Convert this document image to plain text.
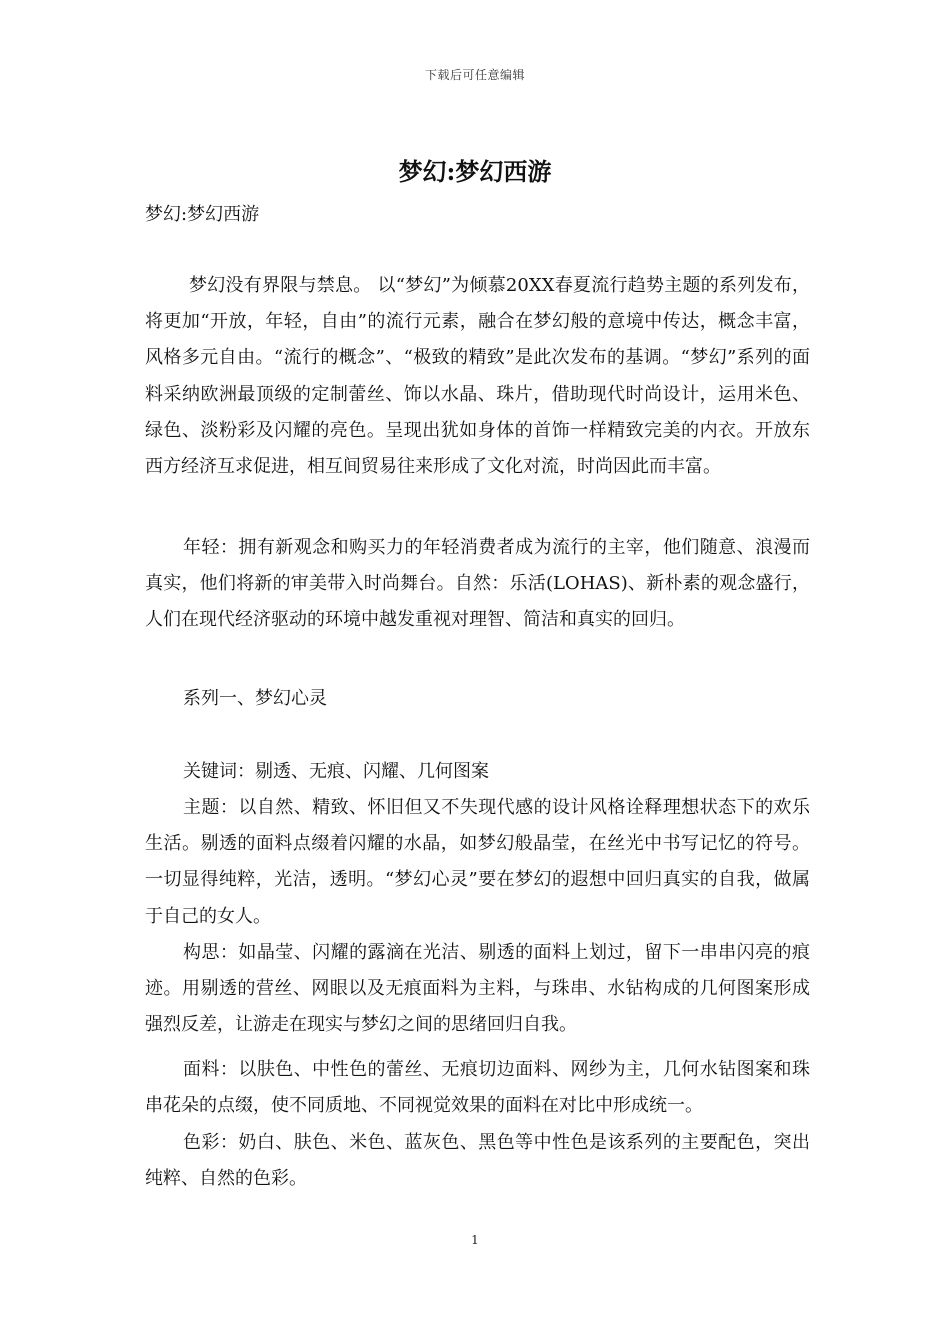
下载后可任意编辑
梦幻:梦幻西游

梦幻:梦幻西游

梦幻没有界限与禁息。 以“梦幻”为倾慕20XX春夏流行趋势主题的系列发布，将更加“开放，年轻，自由”的流行元素，融合在梦幻般的意境中传达，概念丰富，风格多元自由。“流行的概念”、“极致的精致”是此次发布的基调。“梦幻”系列的面料采纳欧洲最顶级的定制蕾丝、饰以水晶、珠片，借助现代时尚设计，运用米色、绿色、淡粉彩及闪耀的亮色。呈现出犹如身体的首饰一样精致完美的内衣。开放东西方经济互求促进，相互间贸易往来形成了文化对流，时尚因此而丰富。

年轻：拥有新观念和购买力的年轻消费者成为流行的主宰，他们随意、浪漫而真实，他们将新的审美带入时尚舞台。自然：乐活(LOHAS)、新朴素的观念盛行，人们在现代经济驱动的环境中越发重视对理智、简洁和真实的回归。

系列一、梦幻心灵

关键词：剔透、无痕、闪耀、几何图案

主题：以自然、精致、怀旧但又不失现代感的设计风格诠释理想状态下的欢乐生活。剔透的面料点缀着闪耀的水晶，如梦幻般晶莹，在丝光中书写记忆的符号。一切显得纯粹，光洁，透明。“梦幻心灵”要在梦幻的遐想中回归真实的自我，做属于自己的女人。

构思：如晶莹、闪耀的露滴在光洁、剔透的面料上划过，留下一串串闪亮的痕迹。用剔透的营丝、网眼以及无痕面料为主料，与珠串、水钻构成的几何图案形成强烈反差，让游走在现实与梦幻之间的思绪回归自我。

面料：以肤色、中性色的蕾丝、无痕切边面料、网纱为主，几何水钻图案和珠串花朵的点缀，使不同质地、不同视觉效果的面料在对比中形成统一。

色彩：奶白、肤色、米色、蓝灰色、黑色等中性色是该系列的主要配色，突出纯粹、自然的色彩。

1
